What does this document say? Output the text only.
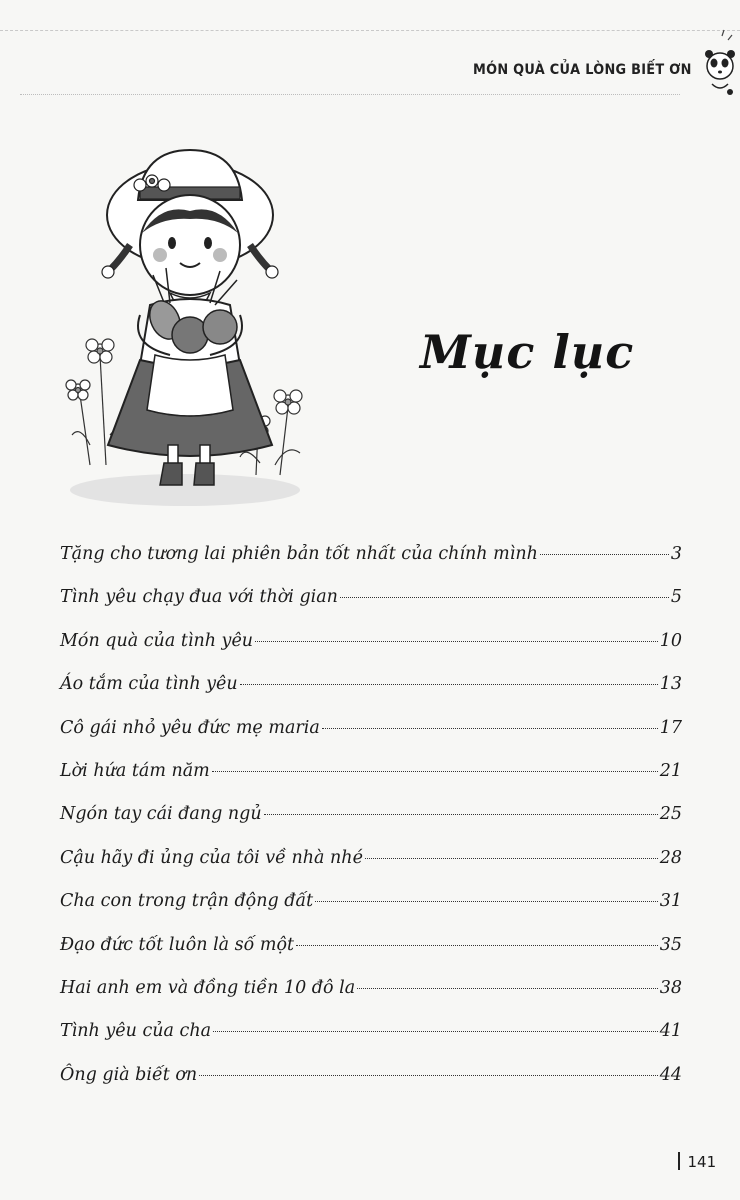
MÓN QUÀ CỦA LÒNG BIẾT ƠN
Mục lục
Tặng cho tương lai phiên bản tốt nhất của chính mình	3
Tình yêu chạy đua với thời gian	5
Món quà của tình yêu	10
Áo tắm của tình yêu	13
Cô gái nhỏ yêu đức mẹ maria	17
Lời hứa tám năm	21
Ngón tay cái đang ngủ	25
Cậu hãy đi ủng của tôi về nhà nhé	28
Cha con trong trận động đất	31
Đạo đức tốt luôn là số một	35
Hai anh em và đồng tiền 10 đô la	38
Tình yêu của cha	41
Ông già biết ơn	44
141
